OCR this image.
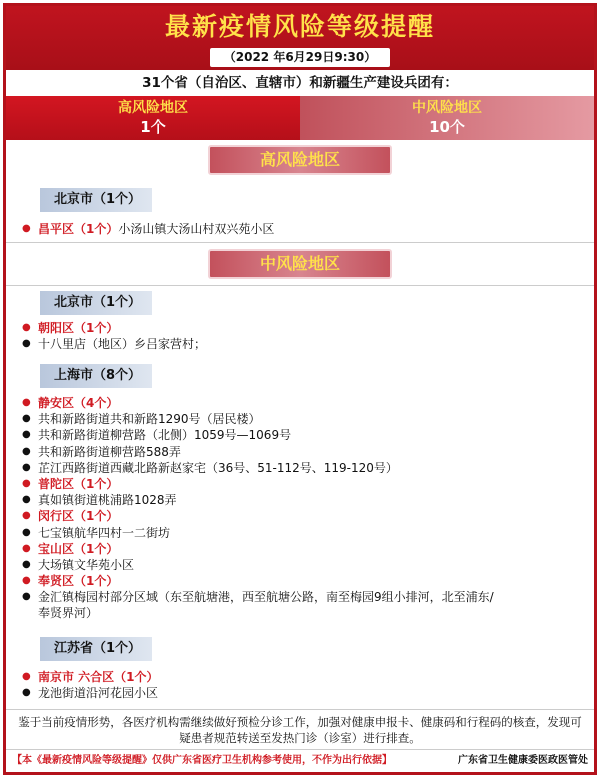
最新疫情风险等级提醒
（2022 年6月29日9:30）
31个省（自治区、直辖市）和新疆生产建设兵团有：
高风险地区
1个
中风险地区
10个
高风险地区
北京市（1个）
● 昌平区（1个）小汤山镇大汤山村双兴苑小区
中风险地区
北京市（1个）
● 朝阳区（1个）
● 十八里店（地区）乡吕家营村；
上海市（8个）
● 静安区（4个）
● 共和新路街道共和新路1290号（居民楼）
● 共和新路街道柳营路（北侧）1059号—1069号
● 共和新路街道柳营路588弄
● 芷江西路街道西藏北路新赵家宅（36号、51-112号、119-120号）
● 普陀区（1个）
● 真如镇街道桃浦路1028弄
● 闵行区（1个）
● 七宝镇航华四村一二街坊
● 宝山区（1个）
● 大场镇文华苑小区
● 奉贤区（1个）
● 金汇镇梅园村部分区域（东至航塘港，西至航塘公路，南至梅园9组小排河，北至浦东/
奉贤界河）
江苏省（1个）
● 南京市 六合区（1个）
● 龙池街道沿河花园小区
鉴于当前疫情形势，各医疗机构需继续做好预检分诊工作，加强对健康申报卡、健康码和行程码的核查，发现可疑患者规范转送至发热门诊（诊室）进行排查。
【本《最新疫情风险等级提醒》仅供广东省医疗卫生机构参考使用，不作为出行依据】	广东省卫生健康委医政医管处
